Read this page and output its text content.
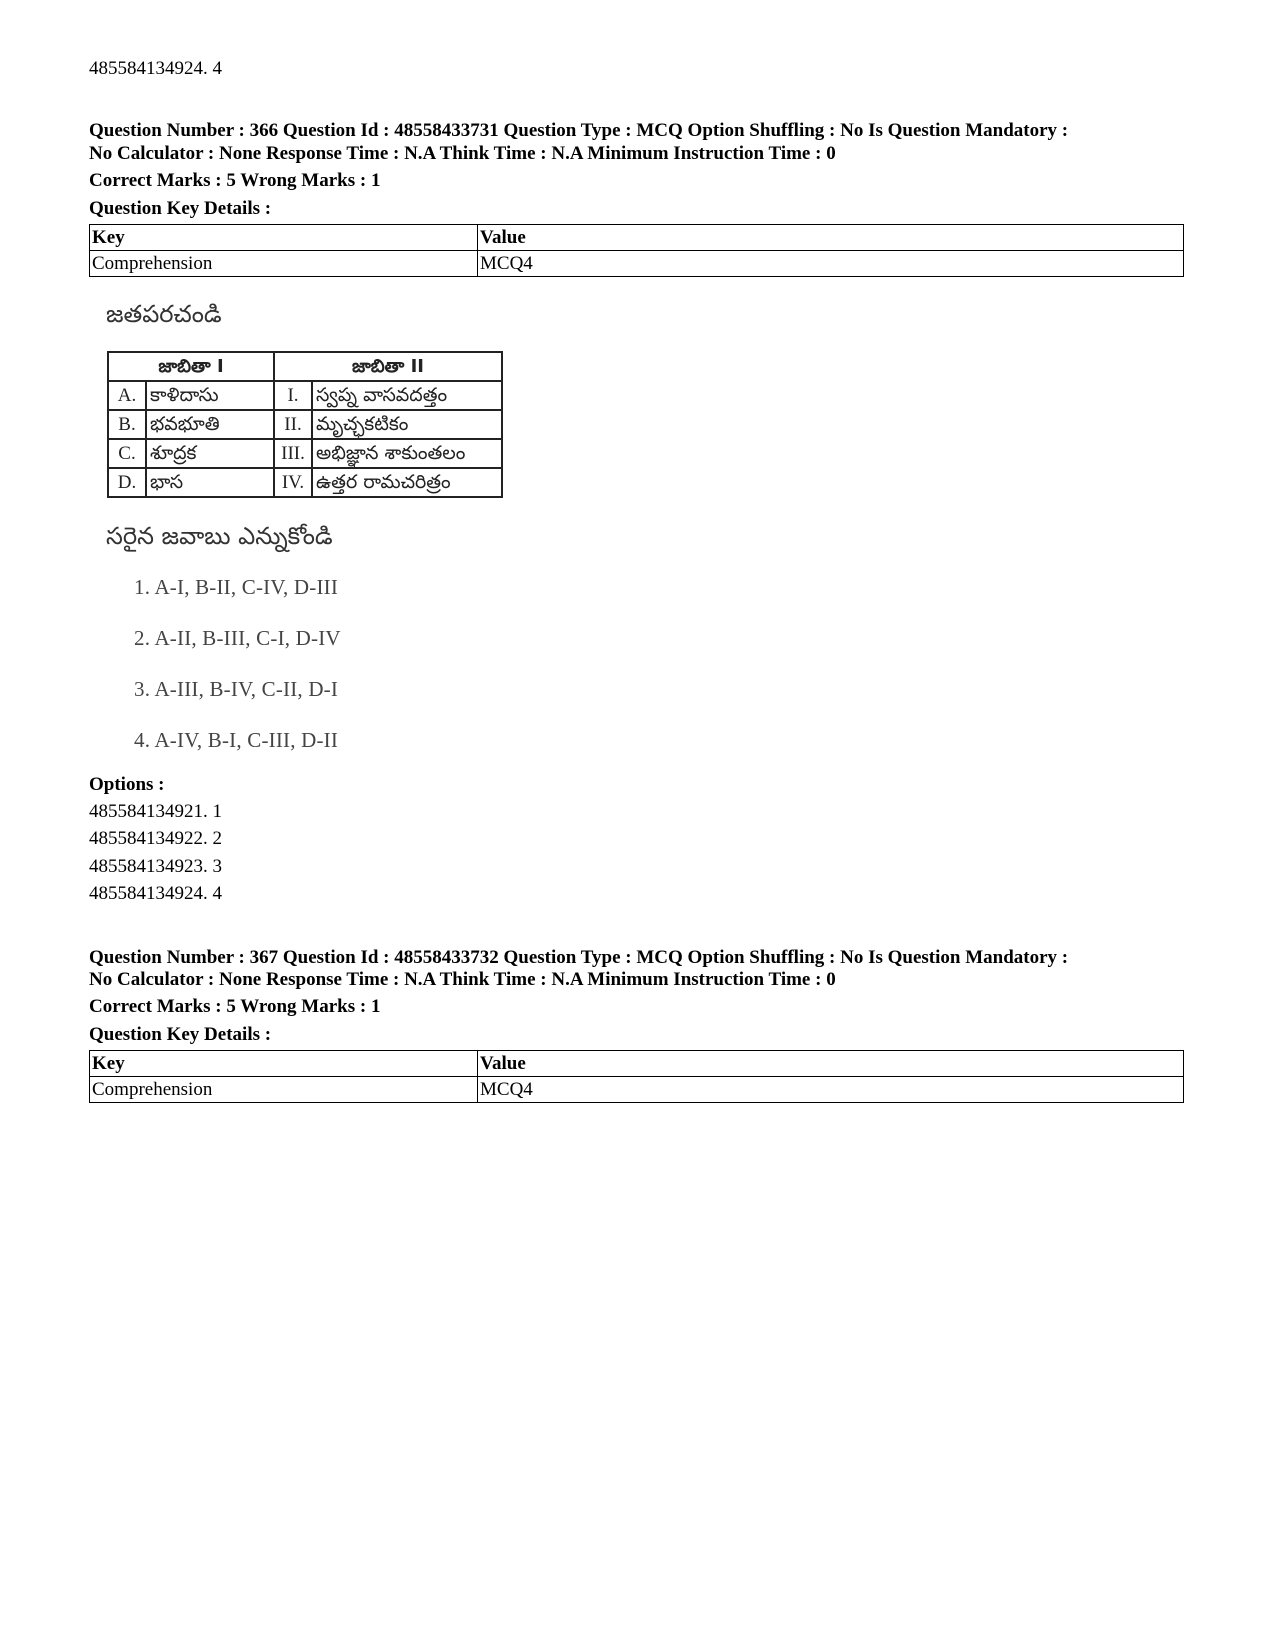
485584134924. 4
Question Number : 366 Question Id : 48558433731 Question Type : MCQ Option Shuffling : No Is Question Mandatory :
No Calculator : None Response Time : N.A Think Time : N.A Minimum Instruction Time : 0
Correct Marks : 5 Wrong Marks : 1
Question Key Details :
Key	Value
Comprehension	MCQ4
జతపరచండి
జాబితా I		జాబితా II	
A.	కాళిదాసు	I.	స్వప్న వాసవదత్తం
B.	భవభూతి	II.	మృచ్ఛకటికం
C.	శూద్రక	III.	అభిజ్ఞాన శాకుంతలం
D.	భాస	IV.	ఉత్తర రామచరిత్రం
సరైన జవాబు ఎన్నుకోండి
1. A-I, B-II, C-IV, D-III
2. A-II, B-III, C-I, D-IV
3. A-III, B-IV, C-II, D-I
4. A-IV, B-I, C-III, D-II
Options :
485584134921. 1
485584134922. 2
485584134923. 3
485584134924. 4
Question Number : 367 Question Id : 48558433732 Question Type : MCQ Option Shuffling : No Is Question Mandatory :
No Calculator : None Response Time : N.A Think Time : N.A Minimum Instruction Time : 0
Correct Marks : 5 Wrong Marks : 1
Question Key Details :
Key	Value
Comprehension	MCQ4
